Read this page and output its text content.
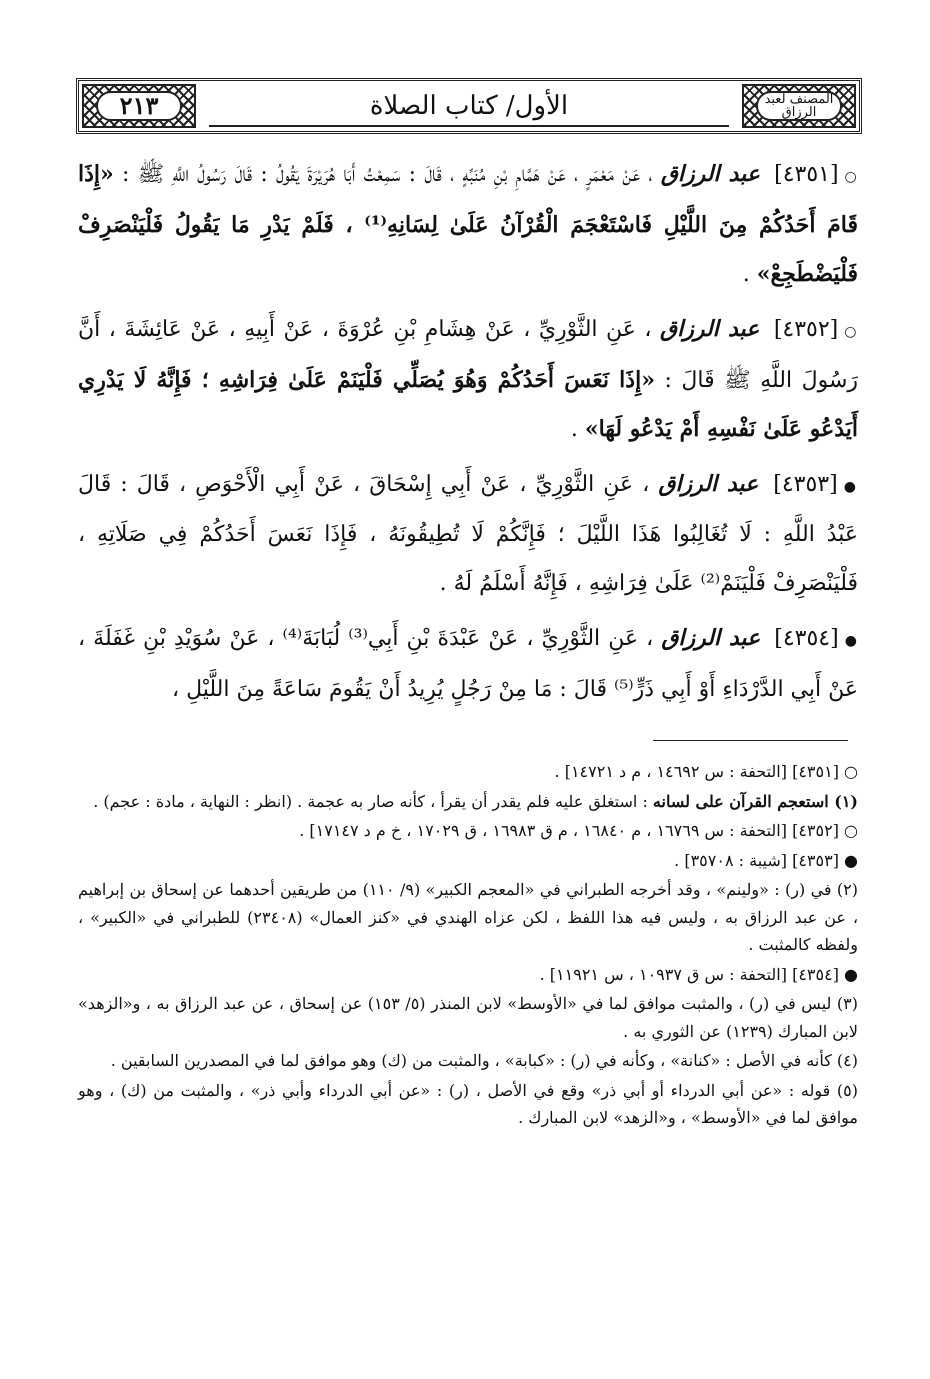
المصنف لعبد الرزاق
الأول/ كتاب الصلاة
٢١٣

○[٤٣٥١] عبد الرزاق ، عَنْ مَعْمَرٍ ، عَنْ هَمَّامِ بْنِ مُنَبِّهٍ ، قَالَ : سَمِعْتُ أَبَا هُرَيْرَةَ يَقُولُ : قَالَ رَسُولُ اللَّهِ ﷺ : «إِذَا قَامَ أَحَدُكُمْ مِنَ اللَّيْلِ فَاسْتَعْجَمَ الْقُرْآنُ عَلَىٰ لِسَانِهِ⁽¹⁾ ، فَلَمْ يَدْرِ مَا يَقُولُ فَلْيَنْصَرِفْ فَلْيَضْطَجِعْ» .

○[٤٣٥٢] عبد الرزاق ، عَنِ الثَّوْرِيِّ ، عَنْ هِشَامِ بْنِ عُرْوَةَ ، عَنْ أَبِيهِ ، عَنْ عَائِشَةَ ، أَنَّ رَسُولَ اللَّهِ ﷺ قَالَ : «إِذَا نَعَسَ أَحَدُكُمْ وَهُوَ يُصَلِّي فَلْيَنَمْ عَلَىٰ فِرَاشِهِ ؛ فَإِنَّهُ لَا يَدْرِي أَيَدْعُو عَلَىٰ نَفْسِهِ أَمْ يَدْعُو لَهَا» .

●[٤٣٥٣] عبد الرزاق ، عَنِ الثَّوْرِيِّ ، عَنْ أَبِي إِسْحَاقَ ، عَنْ أَبِي الْأَحْوَصِ ، قَالَ : قَالَ عَبْدُ اللَّهِ : لَا تُغَالِبُوا هَذَا اللَّيْلَ ؛ فَإِنَّكُمْ لَا تُطِيقُونَهُ ، فَإِذَا نَعَسَ أَحَدُكُمْ فِي صَلَاتِهِ ، فَلْيَنْصَرِفْ فَلْيَنَمْ⁽²⁾ عَلَىٰ فِرَاشِهِ ، فَإِنَّهُ أَسْلَمُ لَهُ .

●[٤٣٥٤] عبد الرزاق ، عَنِ الثَّوْرِيِّ ، عَنْ عَبْدَةَ بْنِ أَبِي⁽³⁾ لُبَابَةَ⁽⁴⁾ ، عَنْ سُوَيْدِ بْنِ غَفَلَةَ ، عَنْ أَبِي الدَّرْدَاءِ أَوْ أَبِي ذَرٍّ⁽⁵⁾ قَالَ : مَا مِنْ رَجُلٍ يُرِيدُ أَنْ يَقُومَ سَاعَةً مِنَ اللَّيْلِ ،

○ [٤٣٥١] [التحفة : س ١٤٦٩٢ ، م د ١٤٧٢١] .

(١) استعجم القرآن على لسانه : استغلق عليه فلم يقدر أن يقرأ ، كأنه صار به عجمة . (انظر : النهاية ، مادة : عجم) .

○ [٤٣٥٢] [التحفة : س ١٦٧٦٩ ، م ١٦٨٤٠ ، م ق ١٦٩٨٣ ، ق ١٧٠٢٩ ، خ م د ١٧١٤٧] .

● [٤٣٥٣] [شيبة : ٣٥٧٠٨] .

(٢) في (ر) : «ولينم» ، وقد أخرجه الطبراني في «المعجم الكبير» (٩/ ١١٠) من طريقين أحدهما عن إسحاق بن إبراهيم ، عن عبد الرزاق به ، وليس فيه هذا اللفظ ، لكن عزاه الهندي في «كنز العمال» (٢٣٤٠٨) للطبراني في «الكبير» ، ولفظه كالمثبت .

● [٤٣٥٤] [التحفة : س ق ١٠٩٣٧ ، س ١١٩٢١] .

(٣) ليس في (ر) ، والمثبت موافق لما في «الأوسط» لابن المنذر (٥/ ١٥٣) عن إسحاق ، عن عبد الرزاق به ، و«الزهد» لابن المبارك (١٢٣٩) عن الثوري به .

(٤) كأنه في الأصل : «كنانة» ، وكأنه في (ر) : «كبابة» ، والمثبت من (ك) وهو موافق لما في المصدرين السابقين .

(٥) قوله : «عن أبي الدرداء أو أبي ذر» وقع في الأصل ، (ر) : «عن أبي الدرداء وأبي ذر» ، والمثبت من (ك) ، وهو موافق لما في «الأوسط» ، و«الزهد» لابن المبارك .
